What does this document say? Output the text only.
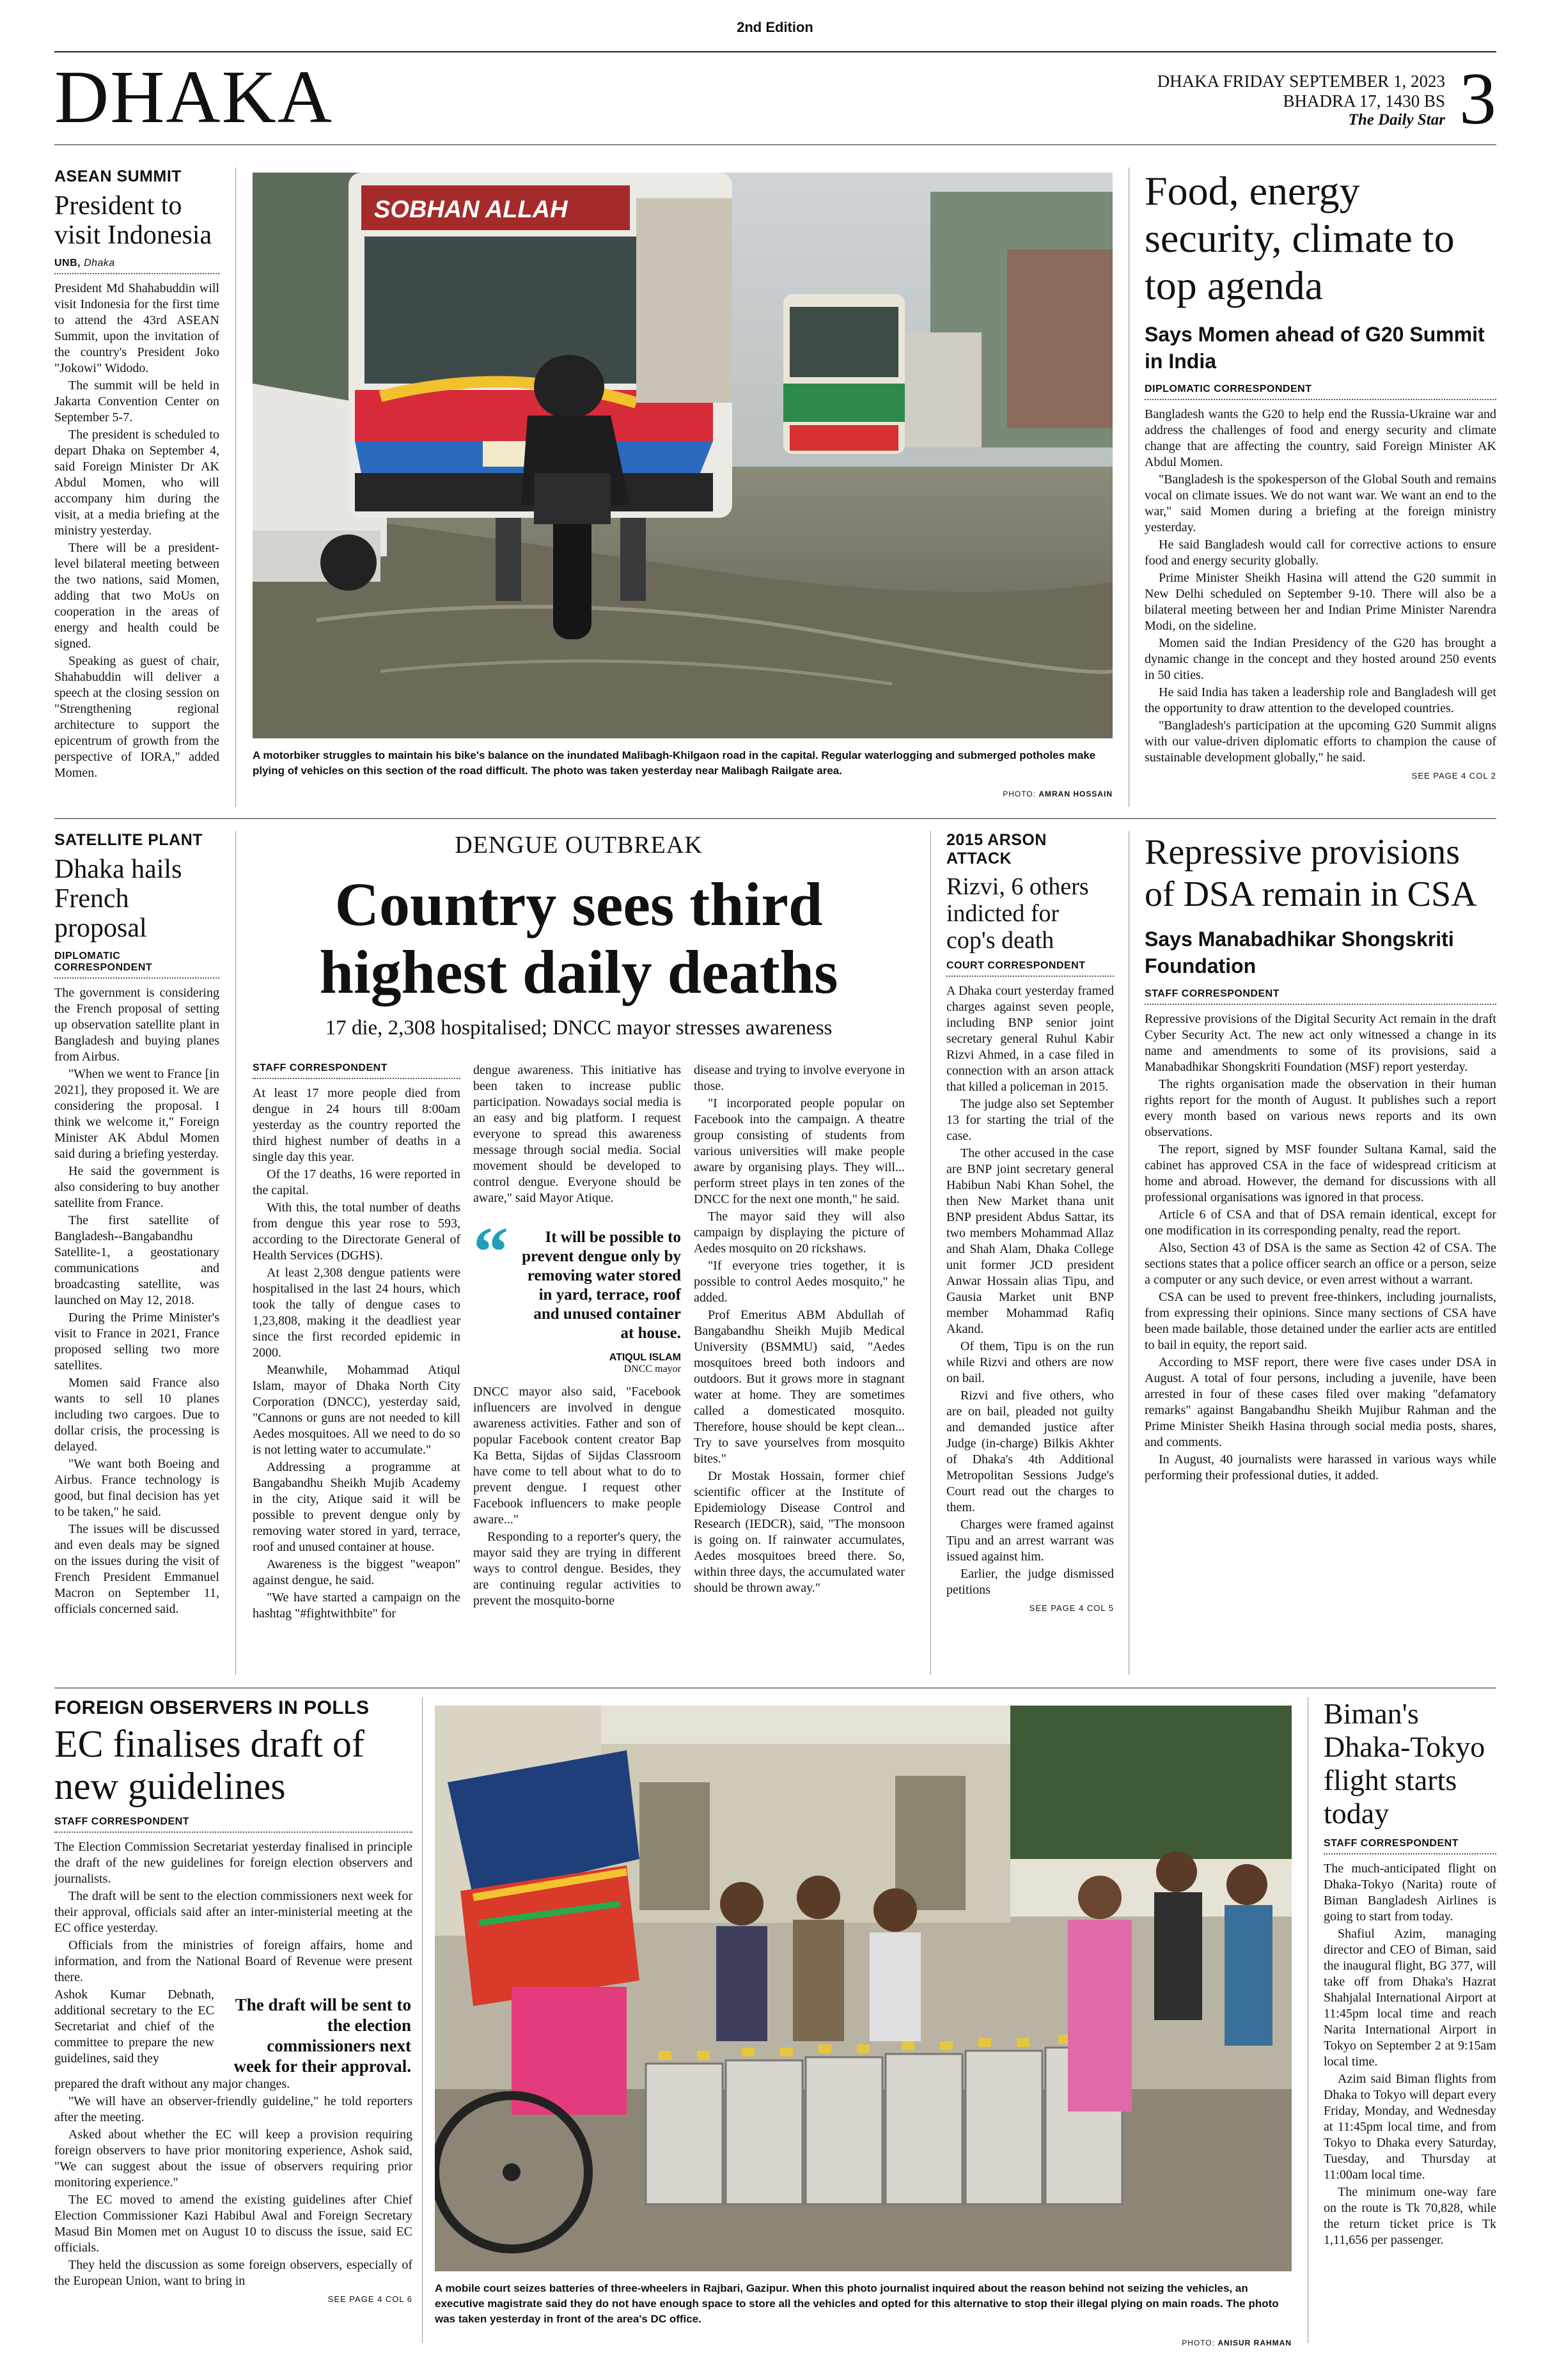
2nd Edition
DHAKA	DHAKA FRIDAY SEPTEMBER 1, 2023
BHADRA 17, 1430 BS
The Daily Star 3
ASEAN SUMMIT
President to visit Indonesia
UNB, Dhaka

President Md Shahabuddin will visit Indonesia for the first time to attend the 43rd ASEAN Summit, upon the invitation of the country's President Joko "Jokowi" Widodo.

The summit will be held in Jakarta Convention Center on September 5-7.

The president is scheduled to depart Dhaka on September 4, said Foreign Minister Dr AK Abdul Momen, who will accompany him during the visit, at a media briefing at the ministry yesterday.

There will be a president-level bilateral meeting between the two nations, said Momen, adding that two MoUs on cooperation in the areas of energy and health could be signed.

Speaking as guest of chair, Shahabuddin will deliver a speech at the closing session on "Strengthening regional architecture to support the epicentrum of growth from the perspective of IORA," added Momen.

SOBHAN ALLAH
A motorbiker struggles to maintain his bike's balance on the inundated Malibagh-Khilgaon road in the capital. Regular waterlogging and submerged potholes make plying of vehicles on this section of the road difficult. The photo was taken yesterday near Malibagh Railgate area.
PHOTO: AMRAN HOSSAIN
Food, energy security, climate to top agenda
Says Momen ahead of G20 Summit in India
DIPLOMATIC CORRESPONDENT

Bangladesh wants the G20 to help end the Russia-Ukraine war and address the challenges of food and energy security and climate change that are affecting the country, said Foreign Minister AK Abdul Momen.

"Bangladesh is the spokesperson of the Global South and remains vocal on climate issues. We do not want war. We want an end to the war," said Momen during a briefing at the foreign ministry yesterday.

He said Bangladesh would call for corrective actions to ensure food and energy security globally.

Prime Minister Sheikh Hasina will attend the G20 summit in New Delhi scheduled on September 9-10. There will also be a bilateral meeting between her and Indian Prime Minister Narendra Modi, on the sideline.

Momen said the Indian Presidency of the G20 has brought a dynamic change in the concept and they hosted around 250 events in 50 cities.

He said India has taken a leadership role and Bangladesh will get the opportunity to draw attention to the developed countries.

"Bangladesh's participation at the upcoming G20 Summit aligns with our value-driven diplomatic efforts to champion the cause of sustainable development globally," he said.

SEE PAGE 4 COL 2
SATELLITE PLANT
Dhaka hails French proposal
DIPLOMATIC CORRESPONDENT

The government is considering the French proposal of setting up observation satellite plant in Bangladesh and buying planes from Airbus.

"When we went to France [in 2021], they proposed it. We are considering the proposal. I think we welcome it," Foreign Minister AK Abdul Momen said during a briefing yesterday.

He said the government is also considering to buy another satellite from France.

The first satellite of Bangladesh--Bangabandhu Satellite-1, a geostationary communications and broadcasting satellite, was launched on May 12, 2018.

During the Prime Minister's visit to France in 2021, France proposed selling two more satellites.

Momen said France also wants to sell 10 planes including two cargoes. Due to dollar crisis, the processing is delayed.

"We want both Boeing and Airbus. France technology is good, but final decision has yet to be taken," he said.

The issues will be discussed and even deals may be signed on the issues during the visit of French President Emmanuel Macron on September 11, officials concerned said.

DENGUE OUTBREAK
Country sees third highest daily deaths
17 die, 2,308 hospitalised; DNCC mayor stresses awareness
STAFF CORRESPONDENT

At least 17 more people died from dengue in 24 hours till 8:00am yesterday as the country reported the third highest number of deaths in a single day this year.

Of the 17 deaths, 16 were reported in the capital.

With this, the total number of deaths from dengue this year rose to 593, according to the Directorate General of Health Services (DGHS).

At least 2,308 dengue patients were hospitalised in the last 24 hours, which took the tally of dengue cases to 1,23,808, making it the deadliest year since the first recorded epidemic in 2000.

Meanwhile, Mohammad Atiqul Islam, mayor of Dhaka North City Corporation (DNCC), yesterday said, "Cannons or guns are not needed to kill Aedes mosquitoes. All we need to do so is not letting water to accumulate."

Addressing a programme at Bangabandhu Sheikh Mujib Academy in the city, Atique said it will be possible to prevent dengue only by removing water stored in yard, terrace, roof and unused container at house.

Awareness is the biggest "weapon" against dengue, he said.

"We have started a campaign on the hashtag "#fightwithbite" for

dengue awareness. This initiative has been taken to increase public participation. Nowadays social media is an easy and big platform. I request everyone to spread this awareness message through social media. Social movement should be developed to control dengue. Everyone should be aware," said Mayor Atique.

“	It will be possible to prevent dengue only by removing water stored in yard, terrace, roof and unused container at house.
ATIQUL ISLAM
DNCC mayor

DNCC mayor also said, "Facebook influencers are involved in dengue awareness activities. Father and son of popular Facebook content creator Bap Ka Betta, Sijdas of Sijdas Classroom have come to tell about what to do to prevent dengue. I request other Facebook influencers to make people aware..."

Responding to a reporter's query, the mayor said they are trying in different ways to control dengue. Besides, they are continuing regular activities to prevent the mosquito-borne

disease and trying to involve everyone in those.

"I incorporated people popular on Facebook into the campaign. A theatre group consisting of students from various universities will make people aware by organising plays. They will... perform street plays in ten zones of the DNCC for the next one month," he said.

The mayor said they will also campaign by displaying the picture of Aedes mosquito on 20 rickshaws.

"If everyone tries together, it is possible to control Aedes mosquito," he added.

Prof Emeritus ABM Abdullah of Bangabandhu Sheikh Mujib Medical University (BSMMU) said, "Aedes mosquitoes breed both indoors and outdoors. But it grows more in stagnant water at home. They are sometimes called a domesticated mosquito. Therefore, house should be kept clean... Try to save yourselves from mosquito bites."

Dr Mostak Hossain, former chief scientific officer at the Institute of Epidemiology Disease Control and Research (IEDCR), said, "The monsoon is going on. If rainwater accumulates, Aedes mosquitoes breed there. So, within three days, the accumulated water should be thrown away."

2015 ARSON ATTACK
Rizvi, 6 others indicted for cop's death
COURT CORRESPONDENT

A Dhaka court yesterday framed charges against seven people, including BNP senior joint secretary general Ruhul Kabir Rizvi Ahmed, in a case filed in connection with an arson attack that killed a policeman in 2015.

The judge also set September 13 for starting the trial of the case.

The other accused in the case are BNP joint secretary general Habibun Nabi Khan Sohel, the then New Market thana unit BNP president Abdus Sattar, its two members Mohammad Allaz and Shah Alam, Dhaka College unit former JCD president Anwar Hossain alias Tipu, and Gausia Market unit BNP member Mohammad Rafiq Akand.

Of them, Tipu is on the run while Rizvi and others are now on bail.

Rizvi and five others, who are on bail, pleaded not guilty and demanded justice after Judge (in-charge) Bilkis Akhter of Dhaka's 4th Additional Metropolitan Sessions Judge's Court read out the charges to them.

Charges were framed against Tipu and an arrest warrant was issued against him.

Earlier, the judge dismissed petitions

SEE PAGE 4 COL 5
Repressive provisions of DSA remain in CSA
Says Manabadhikar Shongskriti Foundation
STAFF CORRESPONDENT

Repressive provisions of the Digital Security Act remain in the draft Cyber Security Act. The new act only witnessed a change in its name and amendments to some of its provisions, said a Manabadhikar Shongskriti Foundation (MSF) report yesterday.

The rights organisation made the observation in their human rights report for the month of August. It publishes such a report every month based on various news reports and its own observations.

The report, signed by MSF founder Sultana Kamal, said the cabinet has approved CSA in the face of widespread criticism at home and abroad. However, the demand for discussions with all professional organisations was ignored in that process.

Article 6 of CSA and that of DSA remain identical, except for one modification in its corresponding penalty, read the report.

Also, Section 43 of DSA is the same as Section 42 of CSA. The sections states that a police officer search an office or a person, seize a computer or any such device, or even arrest without a warrant.

CSA can be used to prevent free-thinkers, including journalists, from expressing their opinions. Since many sections of CSA have been made bailable, those detained under the earlier acts are entitled to bail in equity, the report said.

According to MSF report, there were five cases under DSA in August. A total of four persons, including a juvenile, have been arrested in four of these cases filed over making "defamatory remarks" against Bangabandhu Sheikh Mujibur Rahman and the Prime Minister Sheikh Hasina through social media posts, shares, and comments.

In August, 40 journalists were harassed in various ways while performing their professional duties, it added.

FOREIGN OBSERVERS IN POLLS
EC finalises draft of new guidelines
STAFF CORRESPONDENT

The Election Commission Secretariat yesterday finalised in principle the draft of the new guidelines for foreign election observers and journalists.

The draft will be sent to the election commissioners next week for their approval, officials said after an inter-ministerial meeting at the EC office yesterday.

Officials from the ministries of foreign affairs, home and information, and from the National Board of Revenue were present there.

Ashok Kumar Debnath, additional secretary to the EC Secretariat and chief of the committee to prepare the new guidelines, said they

The draft will be sent to the election commissioners next week for their approval.

prepared the draft without any major changes.

"We will have an observer-friendly guideline," he told reporters after the meeting.

Asked about whether the EC will keep a provision requiring foreign observers to have prior monitoring experience, Ashok said, "We can suggest about the issue of observers requiring prior monitoring experience."

The EC moved to amend the existing guidelines after Chief Election Commissioner Kazi Habibul Awal and Foreign Secretary Masud Bin Momen met on August 10 to discuss the issue, said EC officials.

They held the discussion as some foreign observers, especially of the European Union, want to bring in

SEE PAGE 4 COL 6
A mobile court seizes batteries of three-wheelers in Rajbari, Gazipur. When this photo journalist inquired about the reason behind not seizing the vehicles, an executive magistrate said they do not have enough space to store all the vehicles and opted for this alternative to stop their illegal plying on main roads. The photo was taken yesterday in front of the area's DC office.
PHOTO: ANISUR RAHMAN
Biman's Dhaka-Tokyo flight starts today
STAFF CORRESPONDENT

The much-anticipated flight on Dhaka-Tokyo (Narita) route of Biman Bangladesh Airlines is going to start from today.

Shafiul Azim, managing director and CEO of Biman, said the inaugural flight, BG 377, will take off from Dhaka's Hazrat Shahjalal International Airport at 11:45pm local time and reach Narita International Airport in Tokyo on September 2 at 9:15am local time.

Azim said Biman flights from Dhaka to Tokyo will depart every Friday, Monday, and Wednesday at 11:45pm local time, and from Tokyo to Dhaka every Saturday, Tuesday, and Thursday at 11:00am local time.

The minimum one-way fare on the route is Tk 70,828, while the return ticket price is Tk 1,11,656 per passenger.
